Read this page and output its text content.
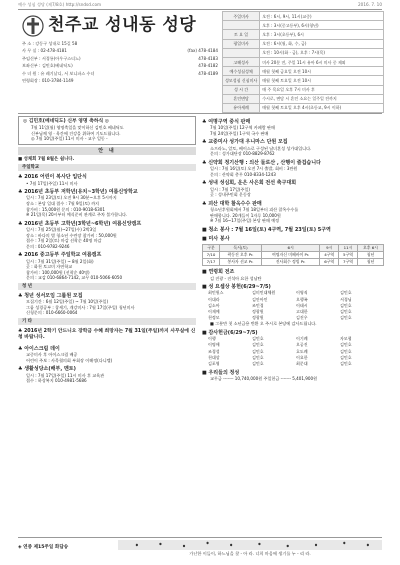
예수 성심 성당 (제7/8호) http://sndsd.com	2016. 7. 10
천주교 성내동 성당
주 소 : 강동구 성내로 15길 58
사 무 실 : 02-478-4181	(fax) 478-4184
주임신부 : 서경룡(아우구스티노)	478-4183
보좌신부 : 김민호(베네딕도)	478-4182
수 녀 원 : 유 레기날디, 서 보니파스 수녀	478-4189
연령회장 : 010-3784-1149
주일미사	오전 : 6시, 9시, 11시(교중)
	오후 : 3시(중고등부), 6시(청년)
토 요 일	오후 : 3시(초등부), 6시
평일미사	오전 : 6시(월, 화, 수, 금)
	오전 : 10시(화 · 금), 오후 : 7시(목)
고해성사	미사 20분 전, 주일 11시 유아 6시 미사 중 제외
예수성심성체	매월 첫째 금요일 오전 10시
성모성심 신심미사	매월 첫째 토요일 오전 10시
성 시 간	매 주 목요일 오후 7시 미사 후
혼인면담	수시로, 면담 시 혼인 소요는 일주일 전까지
유아세례	매월 첫째 토요일 오후 4시(초등교, 9시 이하)
◎ 김민호(베네딕도) 신부 영명 축하식 ◎
7월 11일(월) 영명축일을 맞이하신 김민호 베네딕도
신부님께 영 · 육간에 건강을 위하여 기도드립니다.
◎ 7월 10일(주일) 11시 미사 - 교우 일동 -
안 내
■ 성체회 7월 8월은 쉽니다.
주일학교
♣ 2016 어린이 복사단 입단식
• 7월 17일(주일) 11시 미사
♣ 2016년 초등부 저학년(유치~3학년) 여름신앙학교
일시 : 7월 23일(토) 오전 9시 30분~오후 5시까지
장소 : 본당 일대 접수 : 7월 9일(토) 까지
참가비 : 15,000원 문의 : 010-9018-6301
※ 21일(목) 20시부터 예식준비 관계로 주차 불가합니다.
♣ 2016년 초등부 고학년(3학년~6학년) 여름신앙캠프
일시 : 7월 25일(월)~27일(수) 2박3일
장소 : 바다의 별 청소년 수련장 참가비 : 50,000원
접수 : 7월 2일(토) 마감 선착순 40명 마감
문의 : 010-9782-9246
♣ 2016 중고등부 주일학교 여름캠프
일시 : 7월 31일(주일) ~ 8월 2일(화)
곳 : 화천 토고미 자연학교
참가비 : 100,000원 (선착순 40명)
문의 : 교감 010-6864-7142, 교무 010-5066-6050
청 년
♣ 청년 성서모임 그룹원 모집
모집기간 : 6월 12일(주일) ~ 7월 10일(주일)
그룹 성경공부 : 창세기, 개강미사 : 7월 17일(주일) 청년미사
신청문의 : 010-6660-0064
기 타
♣ 2016년 2학기 안드니오 장학금 수혜 희망자는 7월 31일(주일)까지 사무실에 신청 바랍니다.
♣ 아이스크림 데이
교중미사 후 아이스크림 배공
어린이 주보 : 사목협의회 부회장 이해정(다니엘)
♣ 생활성당소(배부, 멘토)
일시 : 7월 17일(주일) 11시 미사 후 교육관
접수 : 하상복지 010-4981-5686
♣ 여명구역 중식 판매
7월 10일(주일) 12구역 카페람 판매
7월 24일(주일) 1구역 국수 판매
♣ 교중미사 성가대 우니마스 단원 모집
소프라노, 알토, 베이스로 구성된 남녀혼성 성가대입니다.
문의 : 성가대단장 010-8829-8762
♣ 신약회 정기산행 : 의산 둘로산 , 산행이 즐겁습니다
일시 : 7월 16일(토) 오전 7시 출발, 회비 : 3만원
문의 : 산약회 총무 010-8334-1243
♣ 성내 성심회, 운은 사은회 전선 축구대회
일시 : 7월 17일(주일)
곳 : 성내주민회 운동장
♣ 괴산 대학 찰옥수수 판매
청소년후원회에서 7월 18일부터 괴산 찰옥수수를
판매합니다. 20개들이 1자루 10,000원
※ 7월 16~17일(주일) 본당 판매 예정
■ 청소 봉사 : 7월 16일(토) 4구역, 7월 23일(토) 5구역
■ 미사 봉사
구분	독서(토)	6시	9시	11시	오후 6시
7/10	곽동진 오후 Pr.	여명자신 미혜바이 Pr.	4구역	5구역	청년
7/17	봉사자 선교 Pr.	진사회수 정빙 Pr.	6구역	7구역	청년
■ 연령회 전조
김 진광 - 진석아 요한 성남탄
■ 성 요셉상 봉헌(6/29~7/5)
최민원스	김미민대체원	이영직	김민호
이대라	김안아인	오행족	서경님
김소아	조민경	이태시	김민호
이재예	정광원	고대한	김민호
천정모	정광원	김진우	김민호
■ 그분만 첫 소년금용 반환 오 주시로 본당에 감사드립니다.
■ 감사헌금(6/29~7/5)
이행	김민호	이기례	자모협
이명애	김민호	오공진	김민호
조경성	김민호	호도례	김민호
천대상	김민호	이요한	김민호
김포영	김민호	최문대	김민호
■ 우리들의 정성
교무금 ------- 10,740,000원 주일헌금 ------- 5,401,900원
◈ 연중 제15주일 화답송
가난한 이들이, 하느님을 찾 - 아 라. 너희 마음에 생기를 누 - 리 라.
